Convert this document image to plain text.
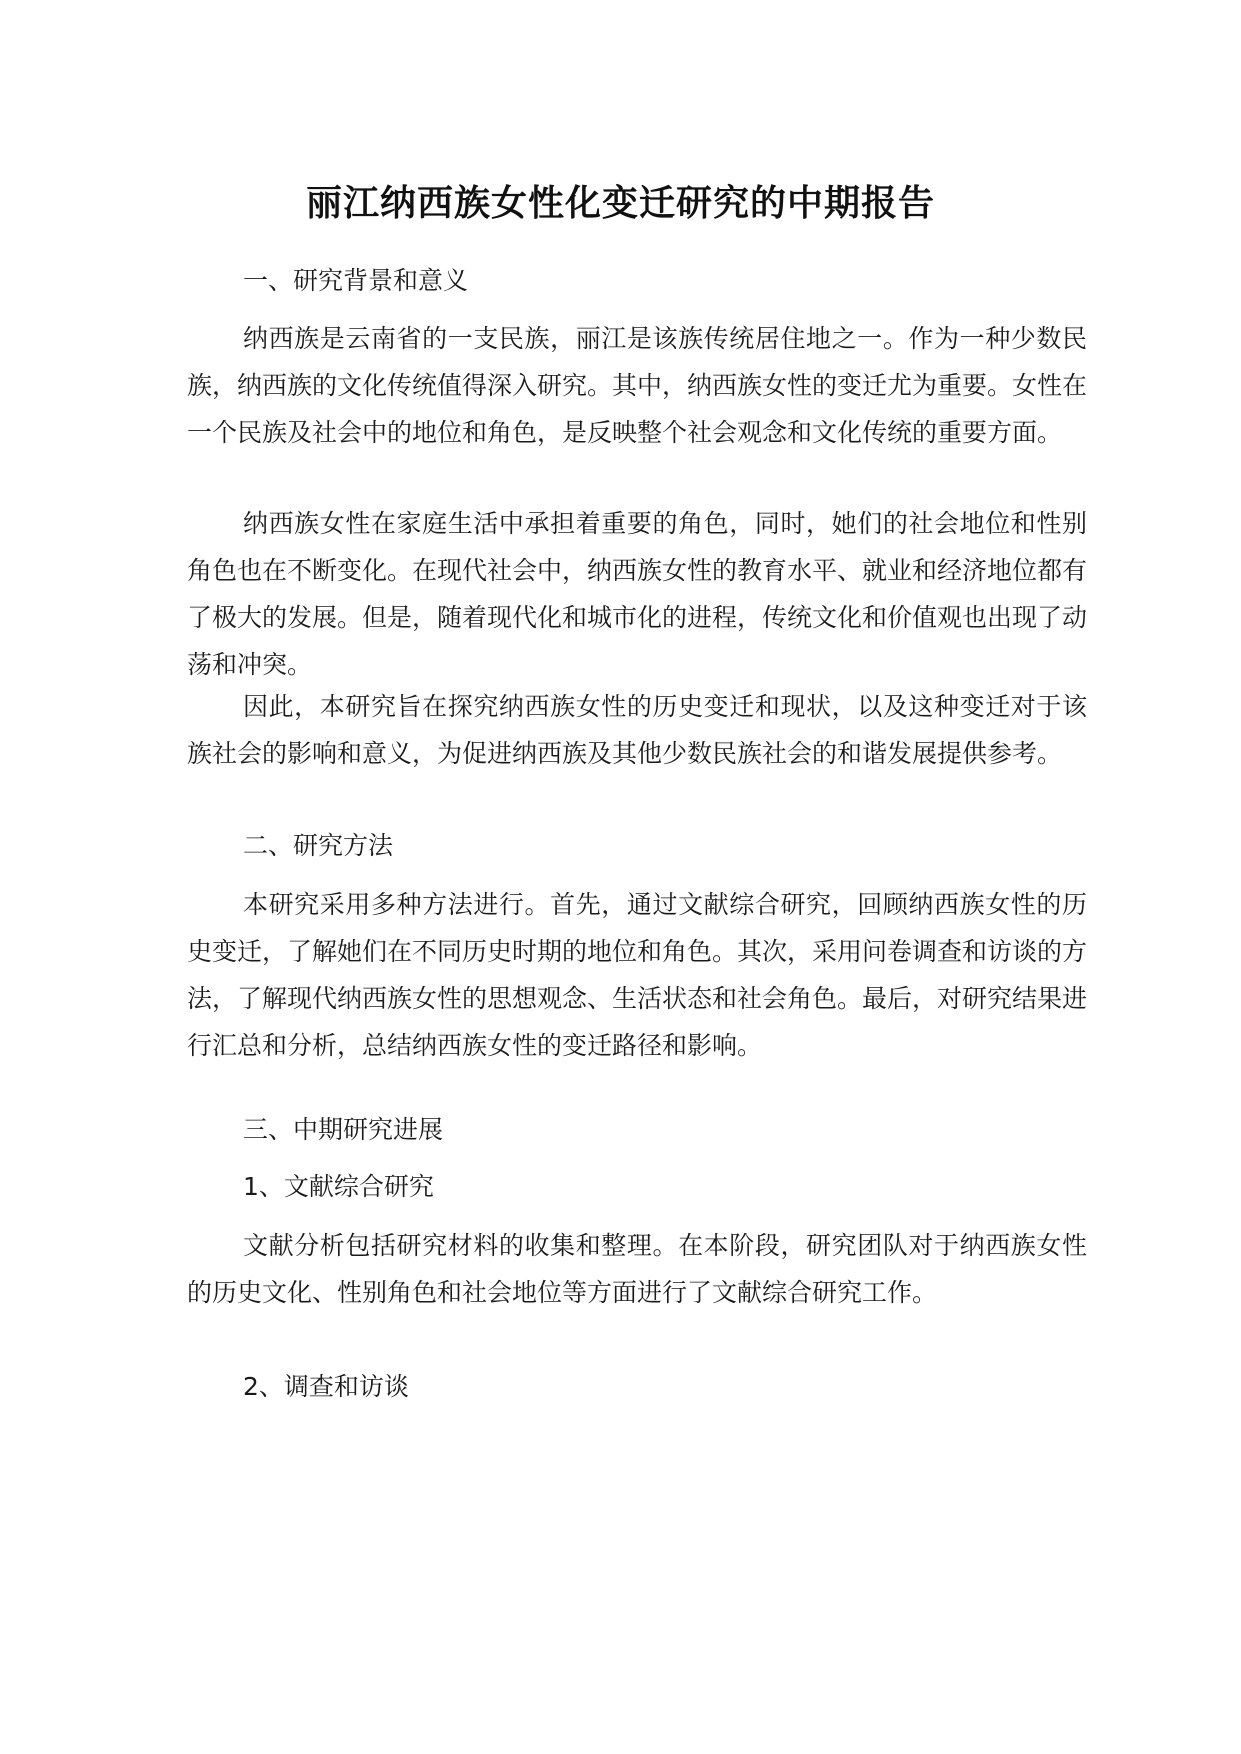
丽江纳西族女性化变迁研究的中期报告
一、研究背景和意义
纳西族是云南省的一支民族，丽江是该族传统居住地之一。作为一种少数民族，纳西族的文化传统值得深入研究。其中，纳西族女性的变迁尤为重要。女性在一个民族及社会中的地位和角色，是反映整个社会观念和文化传统的重要方面。
纳西族女性在家庭生活中承担着重要的角色，同时，她们的社会地位和性别角色也在不断变化。在现代社会中，纳西族女性的教育水平、就业和经济地位都有了极大的发展。但是，随着现代化和城市化的进程，传统文化和价值观也出现了动荡和冲突。
因此，本研究旨在探究纳西族女性的历史变迁和现状，以及这种变迁对于该族社会的影响和意义，为促进纳西族及其他少数民族社会的和谐发展提供参考。
二、研究方法
本研究采用多种方法进行。首先，通过文献综合研究，回顾纳西族女性的历史变迁，了解她们在不同历史时期的地位和角色。其次，采用问卷调查和访谈的方法，了解现代纳西族女性的思想观念、生活状态和社会角色。最后，对研究结果进行汇总和分析，总结纳西族女性的变迁路径和影响。
三、中期研究进展
1、文献综合研究
文献分析包括研究材料的收集和整理。在本阶段，研究团队对于纳西族女性的历史文化、性别角色和社会地位等方面进行了文献综合研究工作。
2、调查和访谈
